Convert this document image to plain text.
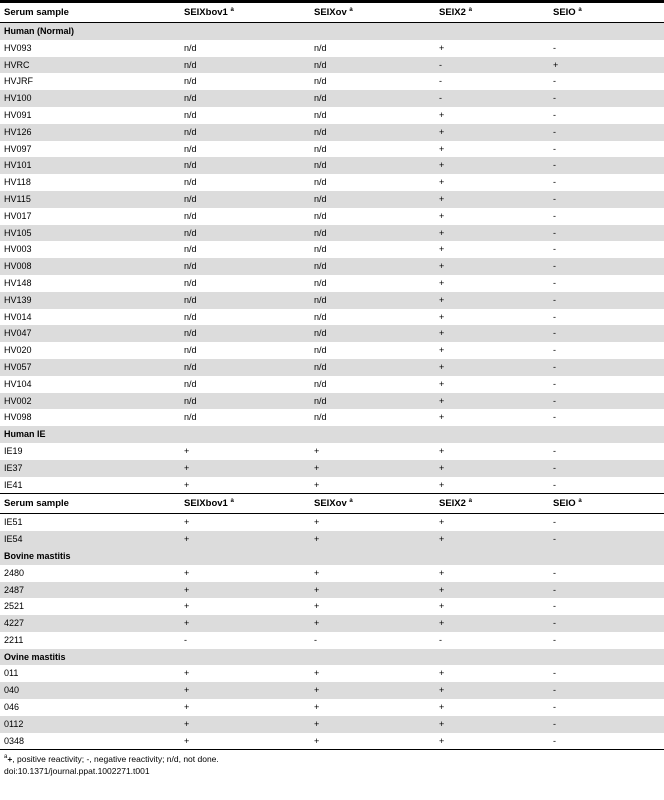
Serum sample	SEIXbov1 $^a$	SEIXov $^a$	SEIX2 $^a$	SEIO $^a$
Human (Normal)				
HV093	n/d	n/d	+	-
HVRC	n/d	n/d	-	+
HVJRF	n/d	n/d	-	-
HV100	n/d	n/d	-	-
HV091	n/d	n/d	+	-
HV126	n/d	n/d	+	-
HV097	n/d	n/d	+	-
HV101	n/d	n/d	+	-
HV118	n/d	n/d	+	-
HV115	n/d	n/d	+	-
HV017	n/d	n/d	+	-
HV105	n/d	n/d	+	-
HV003	n/d	n/d	+	-
HV008	n/d	n/d	+	-
HV148	n/d	n/d	+	-
HV139	n/d	n/d	+	-
HV014	n/d	n/d	+	-
HV047	n/d	n/d	+	-
HV020	n/d	n/d	+	-
HV057	n/d	n/d	+	-
HV104	n/d	n/d	+	-
HV002	n/d	n/d	+	-
HV098	n/d	n/d	+	-
Human IE				
IE19	+	+	+	-
IE37	+	+	+	-
IE41	+	+	+	-
Serum sample	SEIXbov1 $^a$	SEIXov $^a$	SEIX2 $^a$	SEIO $^a$
IE51	+	+	+	-
IE54	+	+	+	-
Bovine mastitis				
2480	+	+	+	-
2487	+	+	+	-
2521	+	+	+	-
4227	+	+	+	-
2211	-	-	-	-
Ovine mastitis				
011	+	+	+	-
040	+	+	+	-
046	+	+	+	-
0112	+	+	+	-
0348	+	+	+	-
$^a$+, positive reactivity; -, negative reactivity; n/d, not done.
doi:10.1371/journal.ppat.1002271.t001
